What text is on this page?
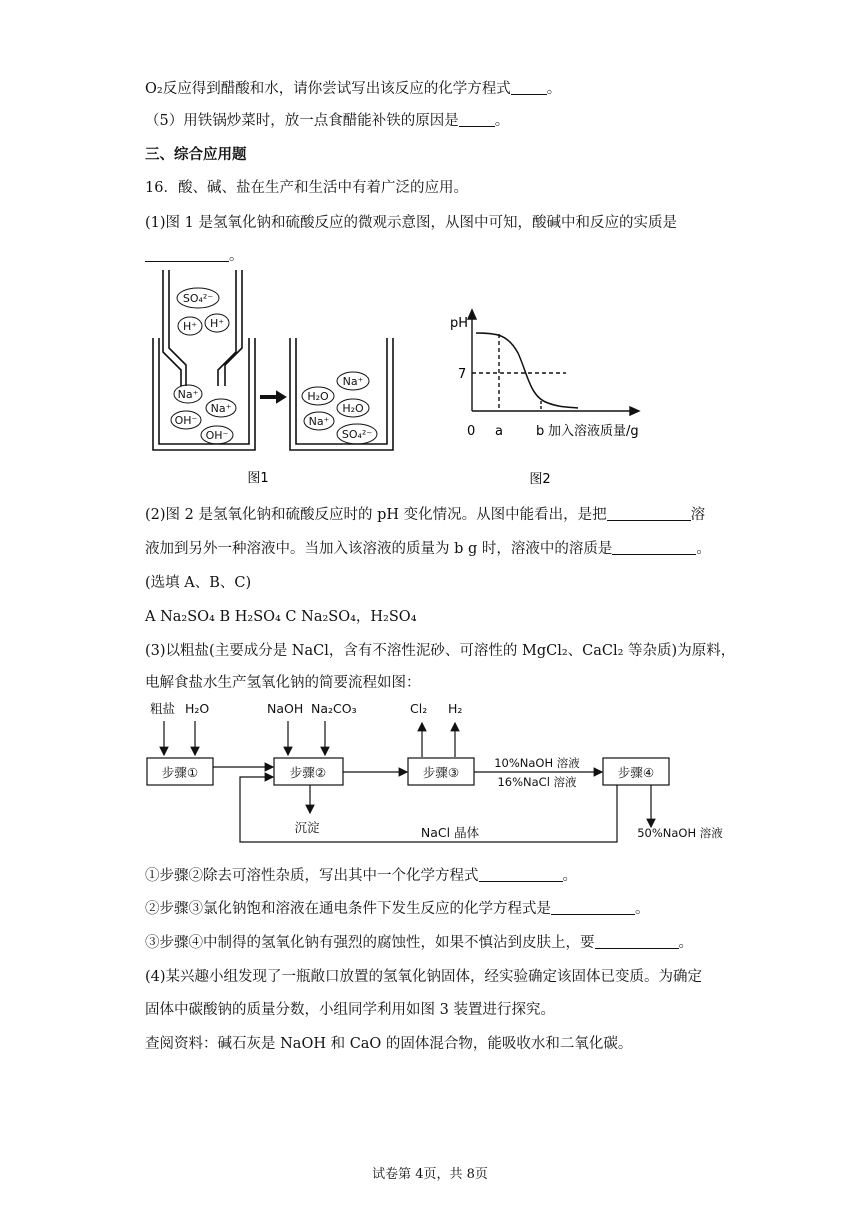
O₂反应得到醋酸和水，请你尝试写出该反应的化学方程式 。
（5）用铁锅炒菜时，放一点食醋能补铁的原因是 。
三、综合应用题
16．酸、碱、盐在生产和生活中有着广泛的应用。
(1)图 1 是氢氧化钠和硫酸反应的微观示意图，从图中可知，酸碱中和反应的实质是
。
SO₄²⁻
H⁺ H⁺
Na⁺
Na⁺
OH⁻
OH⁻
H₂O
Na⁺
H₂O
Na⁺
SO₄²⁻
图1
pH
7
0 a	b 加入溶液质量/g
图2
(2)图 2 是氢氧化钠和硫酸反应时的 pH 变化情况。从图中能看出，是把	溶
液加到另外一种溶液中。当加入该溶液的质量为 b g 时，溶液中的溶质是	。
(选填 A、B、C)
A Na₂SO₄ B H₂SO₄ C Na₂SO₄，H₂SO₄
(3)以粗盐(主要成分是 NaCl，含有不溶性泥砂、可溶性的 MgCl₂、CaCl₂ 等杂质)为原料，
电解食盐水生产氢氧化钠的简要流程如图：
粗盐 H₂O	NaOH Na₂CO₃	Cl₂ H₂
步骤①	步骤②	步骤③	步骤④
10%NaOH 溶液
16%NaCl 溶液
沉淀	NaCl 晶体	50%NaOH 溶液
①步骤②除去可溶性杂质，写出其中一个化学方程式	。
②步骤③氯化钠饱和溶液在通电条件下发生反应的化学方程式是	。
③步骤④中制得的氢氧化钠有强烈的腐蚀性，如果不慎沾到皮肤上，要	。
(4)某兴趣小组发现了一瓶敞口放置的氢氧化钠固体，经实验确定该固体已变质。为确定
固体中碳酸钠的质量分数，小组同学利用如图 3 装置进行探究。
查阅资料：碱石灰是 NaOH 和 CaO 的固体混合物，能吸收水和二氧化碳。
试卷第 4页，共 8页
